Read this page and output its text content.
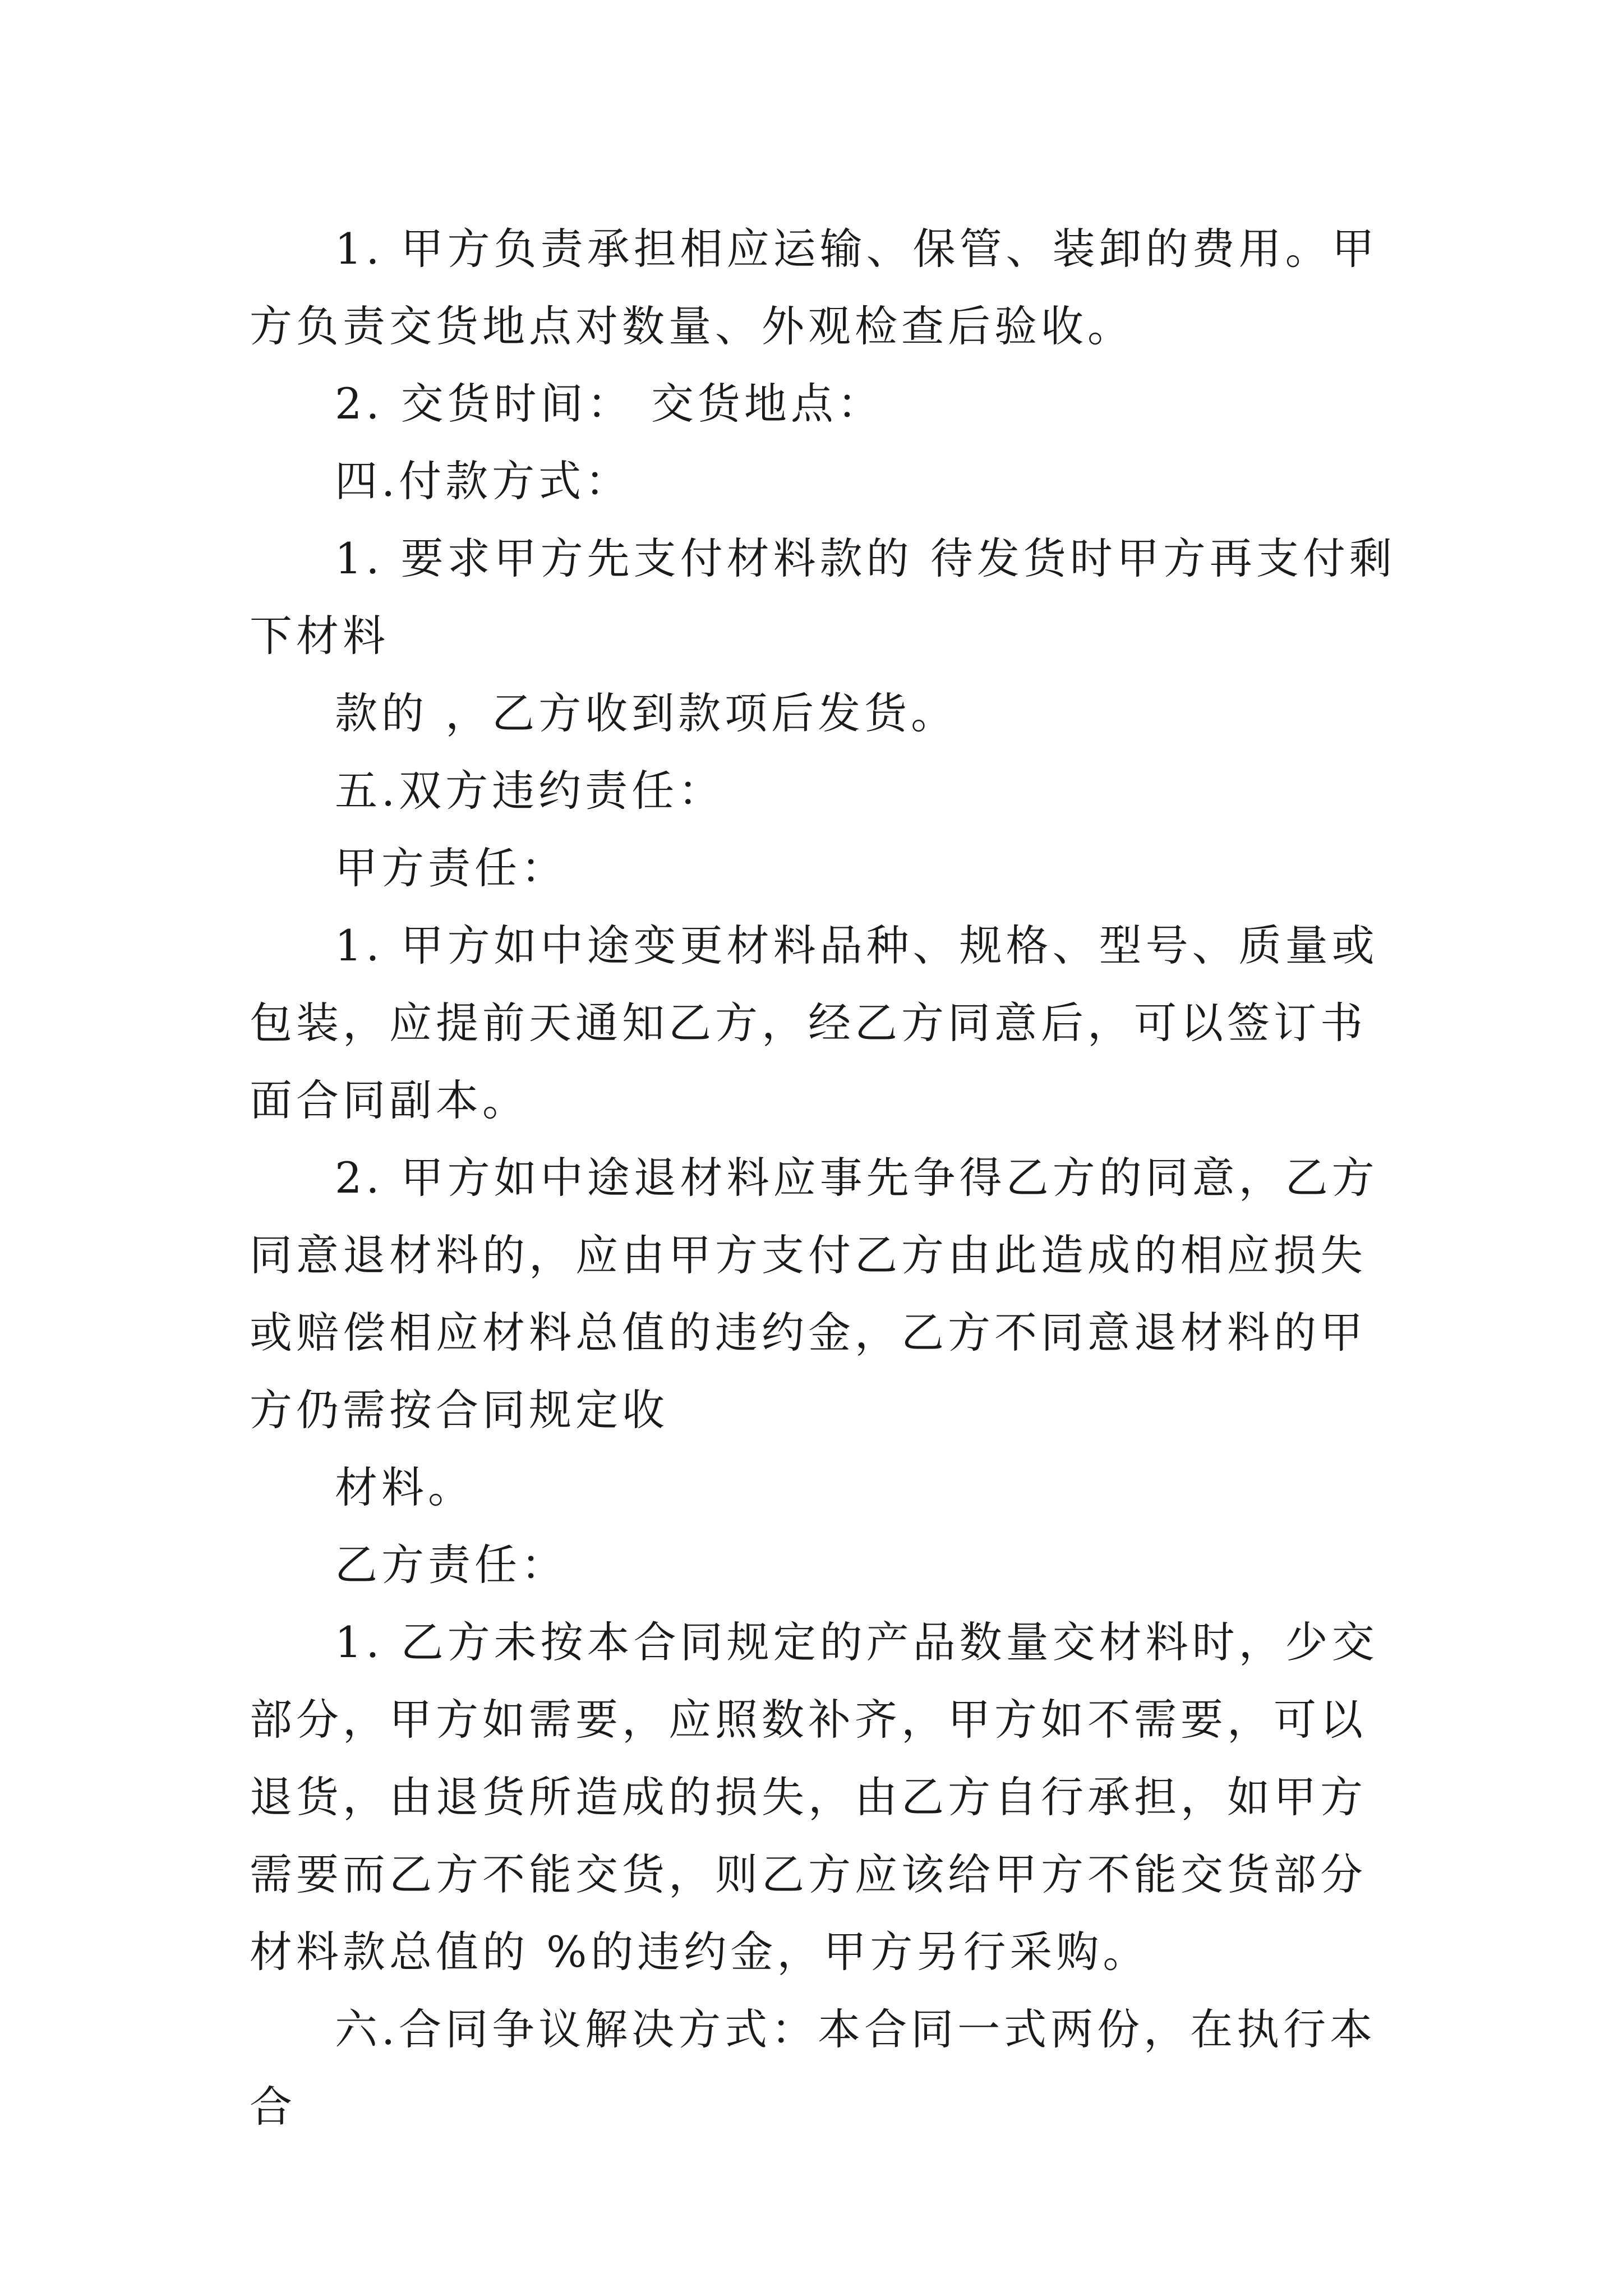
1. 甲方负责承担相应运输、保管、装卸的费用。甲方负责交货地点对数量、外观检查后验收。

2. 交货时间： 交货地点：

四.付款方式：

1. 要求甲方先支付材料款的 待发货时甲方再支付剩下材料

款的 ，乙方收到款项后发货。

五.双方违约责任：

甲方责任：

1. 甲方如中途变更材料品种、规格、型号、质量或包装，应提前天通知乙方，经乙方同意后，可以签订书面合同副本。

2. 甲方如中途退材料应事先争得乙方的同意，乙方同意退材料的，应由甲方支付乙方由此造成的相应损失或赔偿相应材料总值的违约金，乙方不同意退材料的甲方仍需按合同规定收

材料。

乙方责任：

1. 乙方未按本合同规定的产品数量交材料时，少交部分，甲方如需要，应照数补齐，甲方如不需要，可以退货，由退货所造成的损失，由乙方自行承担，如甲方需要而乙方不能交货，则乙方应该给甲方不能交货部分材料款总值的 %的违约金，甲方另行采购。

六.合同争议解决方式：本合同一式两份，在执行本合
